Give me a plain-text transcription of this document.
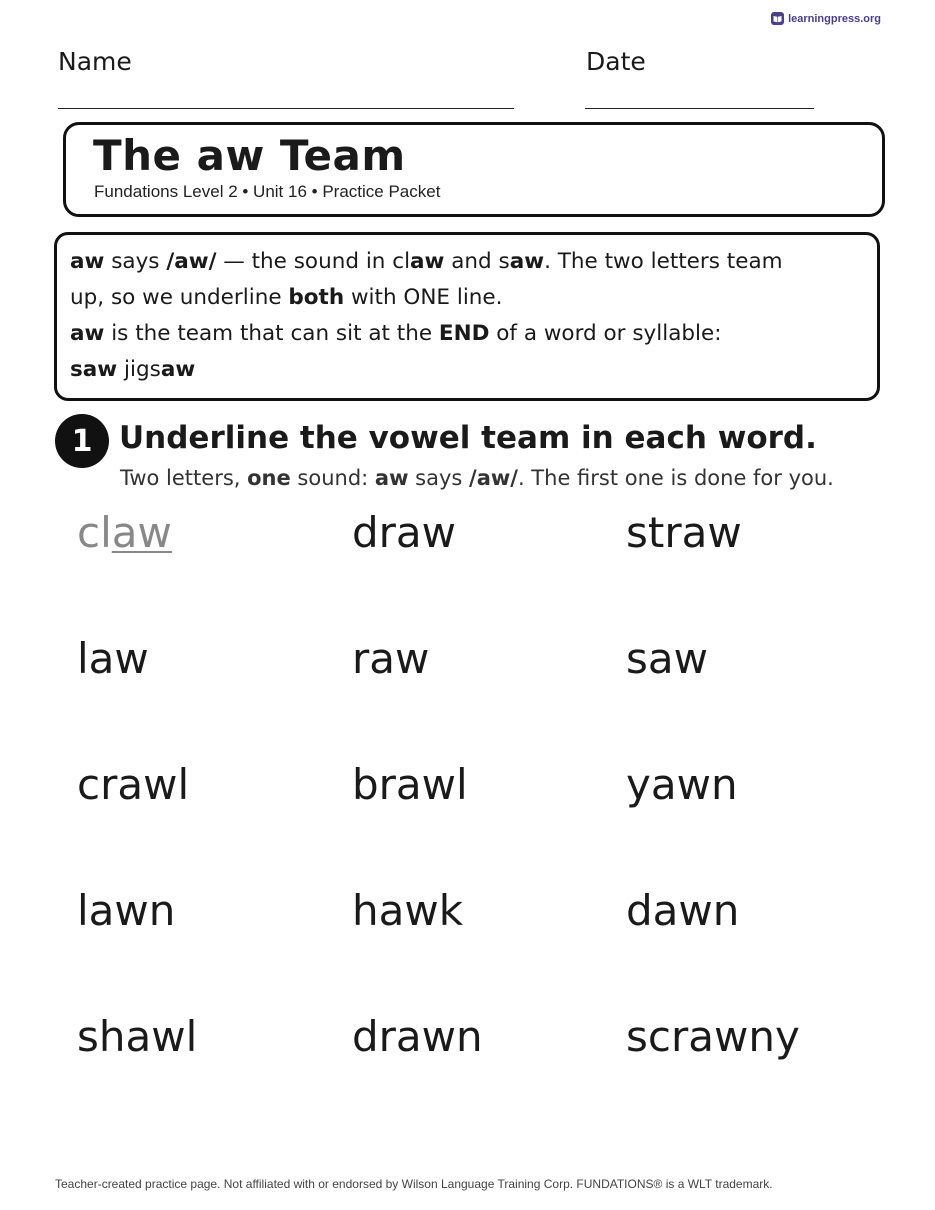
learningpress.org
Name	Date
The aw Team
Fundations Level 2 • Unit 16 • Practice Packet

aw says /aw/ — the sound in claw and saw. The two letters team

up, so we underline both with ONE line.

aw is the team that can sit at the END of a word or syllable:

saw jigsaw

1 Underline the vowel team in each word.
Two letters, one sound: aw says /aw/. The first one is done for you.
claw	draw	straw
law	raw	saw
crawl	brawl	yawn
lawn	hawk	dawn
shawl	drawn	scrawny
Teacher-created practice page. Not affiliated with or endorsed by Wilson Language Training Corp. FUNDATIONS® is a WLT trademark.
